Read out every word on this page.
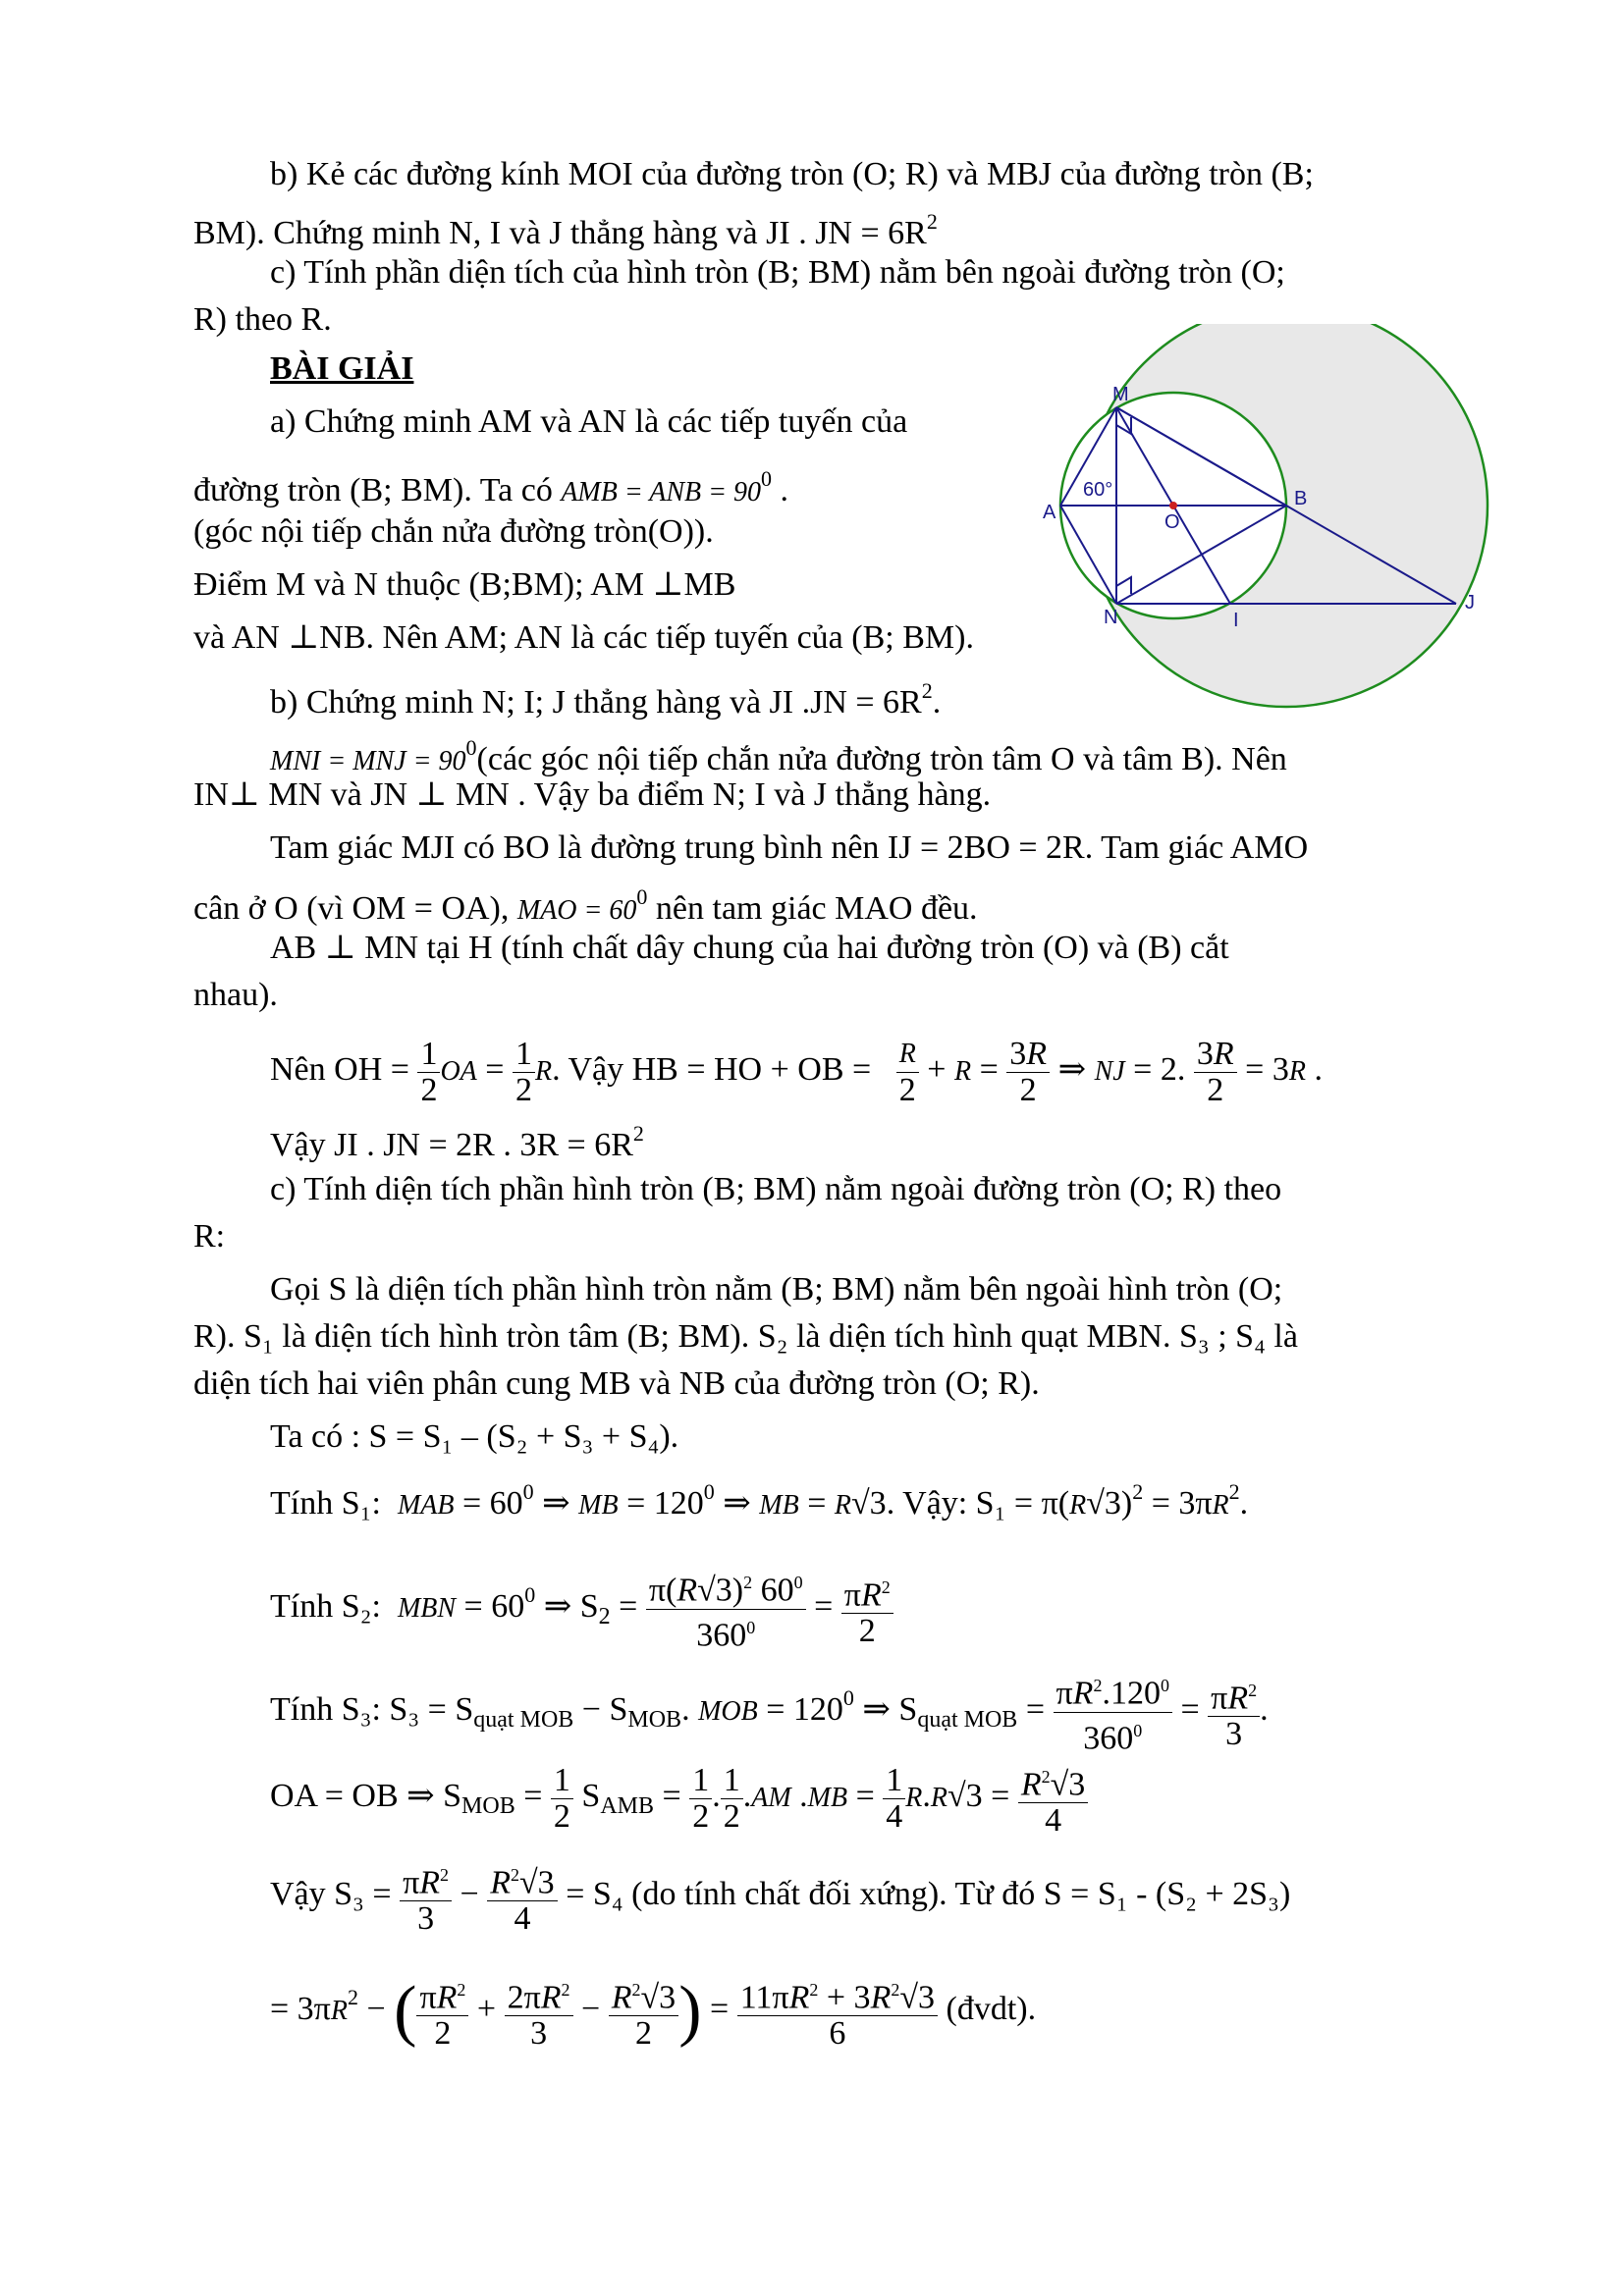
b) Kẻ các đường kính MOI của đường tròn (O; R) và MBJ của đường tròn (B;
BM). Chứng minh N, I và J thẳng hàng và JI . JN = $6R^2$
c) Tính phần diện tích của hình tròn (B; BM) nằm bên ngoài đường tròn (O;
R) theo R.
BÀI GIẢI
a) Chứng minh AM và AN là các tiếp tuyến của
đường tròn (B; BM). Ta có AMB = ANB = $90^0$ .
(góc nội tiếp chắn nửa đường tròn(O)).
Điểm M và N thuộc (B;BM); AM ⊥MB
và AN ⊥NB. Nên AM; AN là các tiếp tuyến của (B; BM).
b) Chứng minh N; I; J thẳng hàng và JI $.JN = 6R^2$.
MNI = MNJ = $90^0(các$ góc nội tiếp chắn nửa đường tròn tâm O và tâm B). Nên
IN⊥ MN và JN ⊥ MN . Vậy ba điểm N; I và J thẳng hàng.
Tam giác MJI có BO là đường trung bình nên IJ = 2BO = 2R. Tam giác AMO
cân ở O (vì OM = OA), MAO = $60^0$ nên tam giác MAO đều.
AB ⊥ MN tại H (tính chất dây chung của hai đường tròn (O) và (B) cắt
nhau).
Nên OH = $\frac{1}{2}$ OA = $\frac{1}{2} R$. Vậy HB = HO + OB = R
2
+ $R = \frac{3R}{2}$ ⇒ NJ = 2. $\frac{3R}{2} = 3R$ .
Vậy JI . JN = 2R . $3R = 6R^2$
c) Tính diện tích phần hình tròn (B; BM) nằm ngoài đường tròn (O; R) theo
R:
Gọi S là diện tích phần hình tròn nằm (B; BM) nằm bên ngoài hình tròn (O;
R). S₁ là diện tích hình tròn tâm (B; BM). S₂ là diện tích hình quạt MBN. S₃ ; S₄ là
diện tích hai viên phân cung MB và NB của đường tròn (O; R).
Ta có : S = S₁ – (S₂ + S₃ + S₄).
Tính S₁: MAB = $60^0$ ⇒ MB = $120^0$ ⇒ MB = R√3. Vậy: $S_1 = \pi(R√3)^2 = 3\pi R^2$.
Tính S₂: MBN = $60^0$ ⇒ $S_2 = \frac{\pi(R√3)^2 60^0}{360^0} = \frac{\pi R^2}{2}$
Tính S₃: $S_3 = S_{quạt MOB} - S_{MOB}$. MOB = $120^0$ ⇒ $S_{quạt MOB} = \frac{\pi R^2.120^0}{360^0} = \frac{\pi R^2}{3}$ .
OA = OB ⇒ $S_{MOB} = \frac{1}{2} S_{AMB} = \frac{1}{2}$ . $\frac{1}{2} .AM$ $.MB = \frac{1}{4} R.R√3 = \frac{R^2√3}{4}$
Vậy $S_3 = \frac{\pi R^2}{3} - \frac{R^2√3}{4} = S_4$ (do tính chất đối xứng). Từ đó S = S₁ - (S₂ + 2S₃)
= $3\pi R^2$ − ( $\frac{\pi R^2}{2} + \frac{2\pi R^2}{3} - \frac{R^2√3}{2}$ ) = $\frac{11\pi R^2 + 3R^2√3}{6}$ (đvdt).
M
A	O
B
N	I
J
60°
